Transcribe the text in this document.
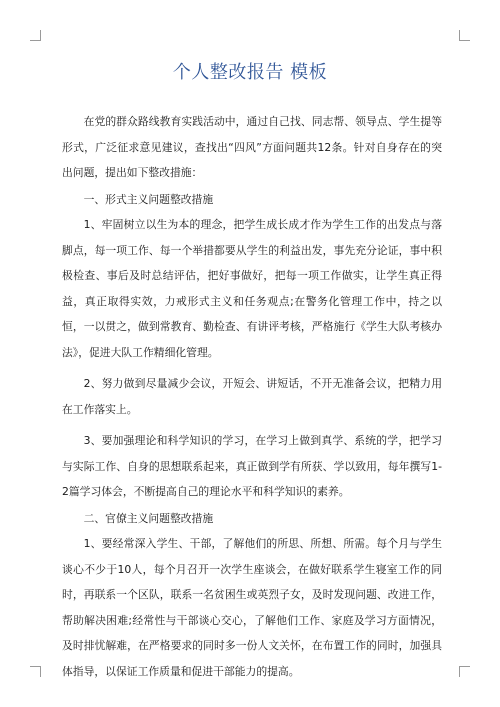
个人整改报告 模板

在党的群众路线教育实践活动中，通过自己找、同志帮、领导点、学生提等形式，广泛征求意见建议，查找出“四风”方面问题共12条。针对自身存在的突出问题，提出如下整改措施：

一、形式主义问题整改措施

1、牢固树立以生为本的理念，把学生成长成才作为学生工作的出发点与落脚点，每一项工作、每一个举措都要从学生的利益出发，事先充分论证，事中积极检查、事后及时总结评估，把好事做好，把每一项工作做实，让学生真正得益，真正取得实效，力戒形式主义和任务观点;在警务化管理工作中，持之以恒，一以贯之，做到常教育、勤检查、有讲评考核，严格施行《学生大队考核办法》，促进大队工作精细化管理。

2、努力做到尽量减少会议，开短会、讲短话，不开无准备会议，把精力用在工作落实上。

3、要加强理论和科学知识的学习，在学习上做到真学、系统的学，把学习与实际工作、自身的思想联系起来，真正做到学有所获、学以致用，每年撰写1-2篇学习体会，不断提高自己的理论水平和科学知识的素养。

二、官僚主义问题整改措施

1、要经常深入学生、干部，了解他们的所思、所想、所需。每个月与学生谈心不少于10人，每个月召开一次学生座谈会，在做好联系学生寝室工作的同时，再联系一个区队，联系一名贫困生或英烈子女，及时发现问题、改进工作，帮助解决困难;经常性与干部谈心交心，了解他们工作、家庭及学习方面情况，及时排忧解难，在严格要求的同时多一份人文关怀，在布置工作的同时，加强具体指导，以保证工作质量和促进干部能力的提高。
